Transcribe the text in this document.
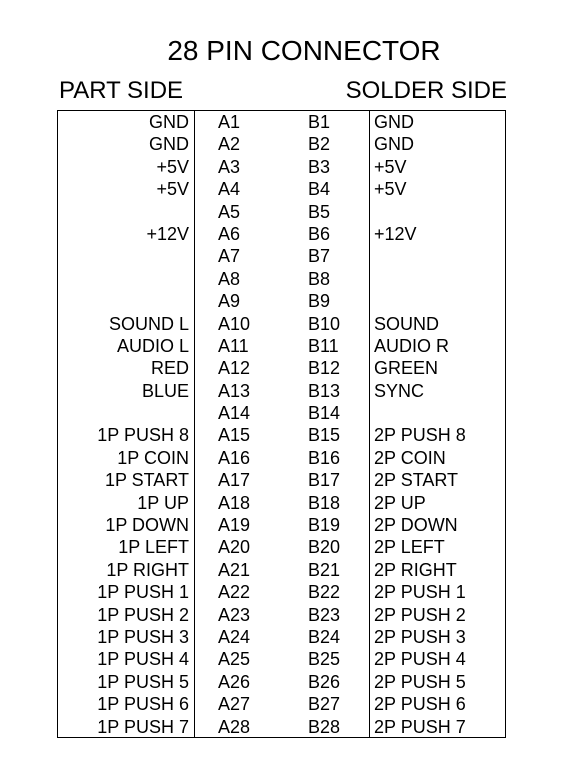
28 PIN CONNECTOR
PART SIDE	SOLDER SIDE
GND A1	B1 GND
GND A2	B2 GND
+5V A3	B3 +5V
+5V A4	B4 +5V
A5	B5
+12V A6	B6 +12V
A7	B7
A8	B8
A9	B9
SOUND L A10	B10 SOUND
AUDIO L A11	B11 AUDIO R
RED A12	B12 GREEN
BLUE A13	B13 SYNC
A14	B14
1P PUSH 8 A15	B15 2P PUSH 8
1P COIN A16	B16 2P COIN
1P START A17	B17 2P START
1P UP A18	B18 2P UP
1P DOWN A19	B19 2P DOWN
1P LEFT A20	B20 2P LEFT
1P RIGHT A21	B21 2P RIGHT
1P PUSH 1 A22	B22 2P PUSH 1
1P PUSH 2 A23	B23 2P PUSH 2
1P PUSH 3 A24	B24 2P PUSH 3
1P PUSH 4 A25	B25 2P PUSH 4
1P PUSH 5 A26	B26 2P PUSH 5
1P PUSH 6 A27	B27 2P PUSH 6
1P PUSH 7 A28	B28 2P PUSH 7
